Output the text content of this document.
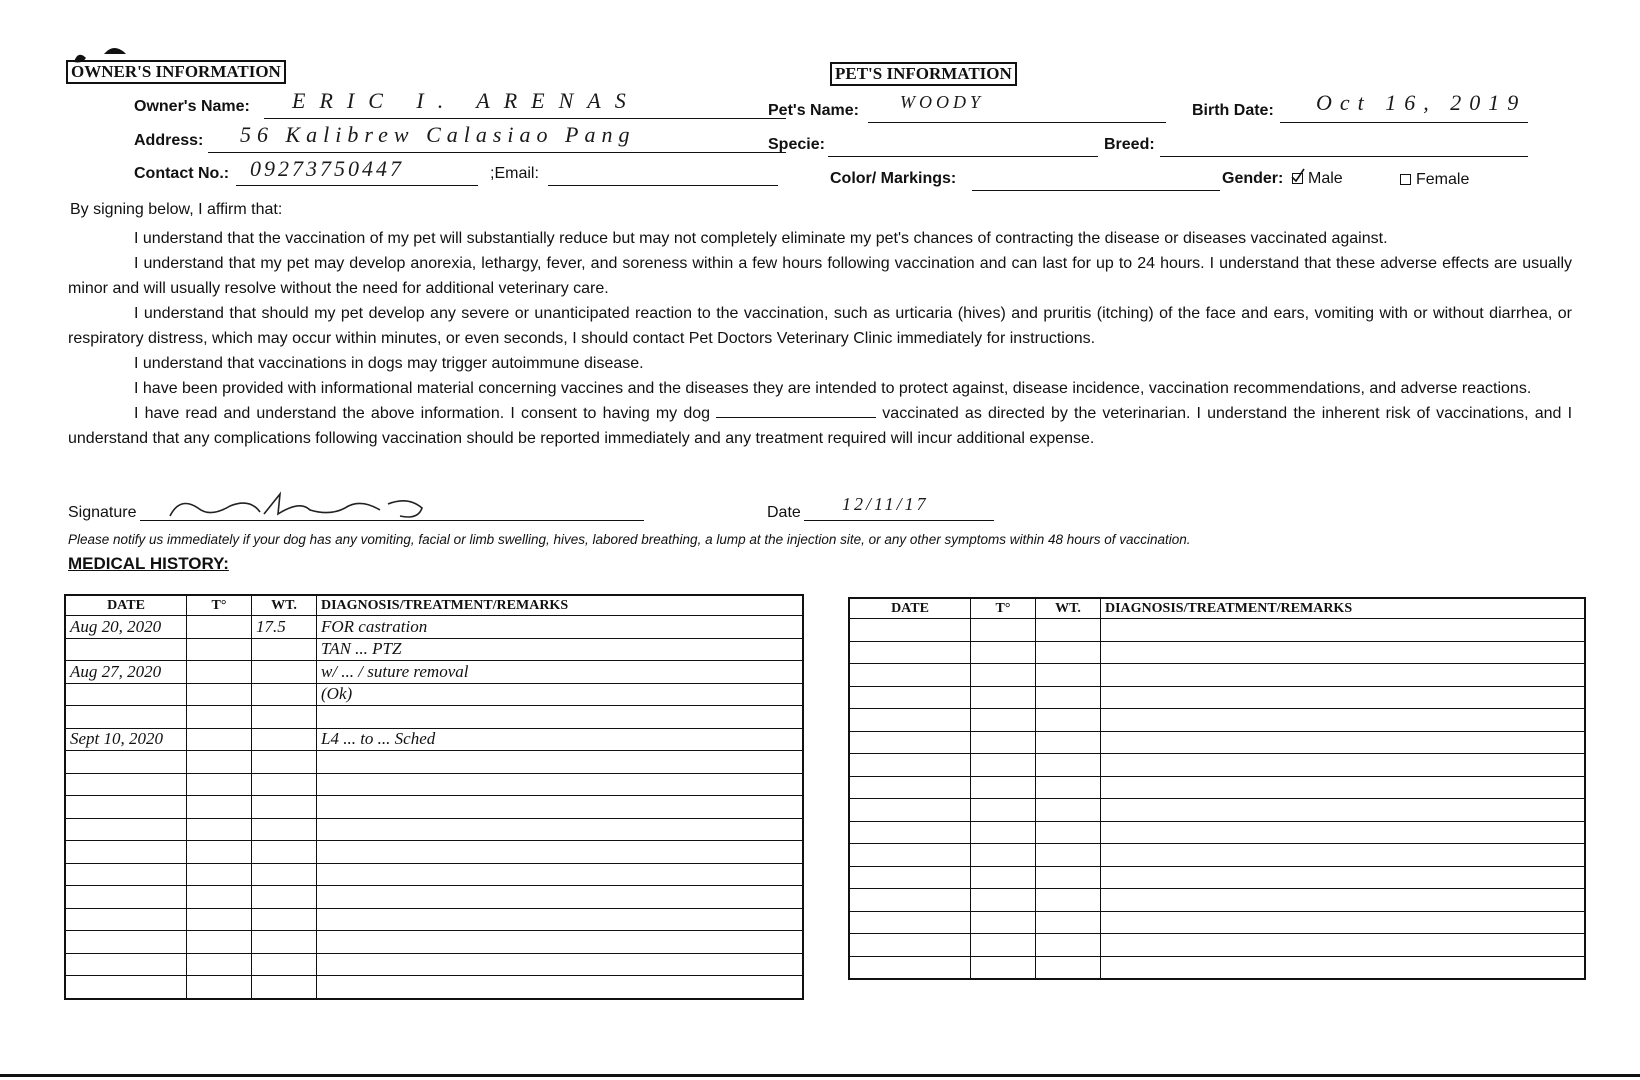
OWNER'S INFORMATION
Owner's Name: ERIC I. ARENAS
Address: 56 Kalibrew Calasiao Pang
Contact No.: 09273750447	;Email:
PET'S INFORMATION
Pet's Name: WOODY	Birth Date: Oct 16, 2019
Specie:	Breed:
Color/ Markings:	Gender:	Male	Female
By signing below, I affirm that:
I understand that the vaccination of my pet will substantially reduce but may not completely eliminate my pet's chances of contracting the disease or diseases vaccinated against.
I understand that my pet may develop anorexia, lethargy, fever, and soreness within a few hours following vaccination and can last for up to 24 hours. I understand that these adverse effects are usually minor and will usually resolve without the need for additional veterinary care.
I understand that should my pet develop any severe or unanticipated reaction to the vaccination, such as urticaria (hives) and pruritis (itching) of the face and ears, vomiting with or without diarrhea, or respiratory distress, which may occur within minutes, or even seconds, I should contact Pet Doctors Veterinary Clinic immediately for instructions.
I understand that vaccinations in dogs may trigger autoimmune disease.
I have been provided with informational material concerning vaccines and the diseases they are intended to protect against, disease incidence, vaccination recommendations, and adverse reactions.
I have read and understand the above information. I consent to having my dog	vaccinated as directed by the veterinarian. I understand the inherent risk of vaccinations, and I understand that any complications following vaccination should be reported immediately and any treatment required will incur additional expense.
Signature	Date 12/11/17
Please notify us immediately if your dog has any vomiting, facial or limb swelling, hives, labored breathing, a lump at the injection site, or any other symptoms within 48 hours of vaccination.
MEDICAL HISTORY:
DATE	T°	WT.	DIAGNOSIS/TREATMENT/REMARKS
Aug 20, 2020		17.5	FOR castration
			TAN ... PTZ
Aug 27, 2020			w/ ... / suture removal
			(Ok)

Sept 10, 2020			L4 ... to ... Sched

DATE	T°	WT.	DIAGNOSIS/TREATMENT/REMARKS
